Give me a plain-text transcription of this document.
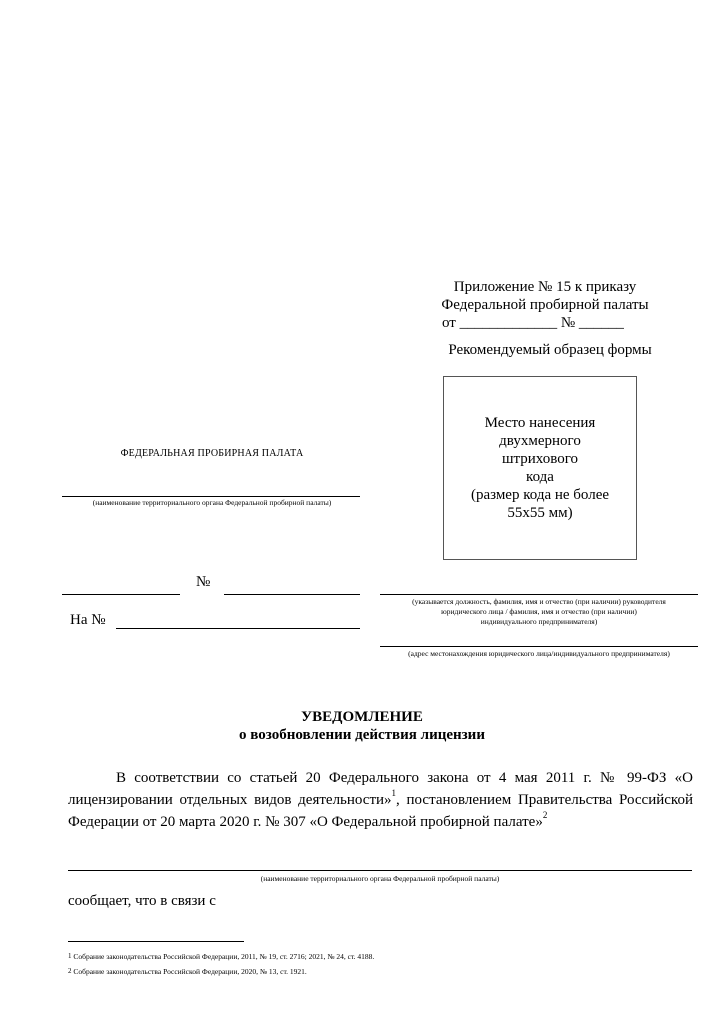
Приложение № 15 к приказу
Федеральной пробирной палаты
от _____________ № ______
Рекомендуемый образец формы
Место нанесения
двухмерного
штрихового
кода
(размер кода не более
55х55 мм)
ФЕДЕРАЛЬНАЯ ПРОБИРНАЯ ПАЛАТА
(наименование территориального органа Федеральной пробирной палаты)
№
На №
(указывается должность, фамилия, имя и отчество (при наличии) руководителя
юридического лица / фамилия, имя и отчество (при наличии)
индивидуального предпринимателя)
(адрес местонахождения юридического лица/индивидуального предпринимателя)
УВЕДОМЛЕНИЕ
о возобновлении действия лицензии
В соответствии со статьей 20 Федерального закона от 4 мая 2011 г. № 99-ФЗ «О лицензировании отдельных видов деятельности»$^1$, постановлением Правительства Российской Федерации от 20 марта 2020 г. № 307 «О Федеральной пробирной палате»$^2$
(наименование территориального органа Федеральной пробирной палаты)
сообщает, что в связи с
$^1$ Собрание законодательства Российской Федерации, 2011, № 19, ст. 2716; 2021, № 24, ст. 4188.
$^2$ Собрание законодательства Российской Федерации, 2020, № 13, ст. 1921.
